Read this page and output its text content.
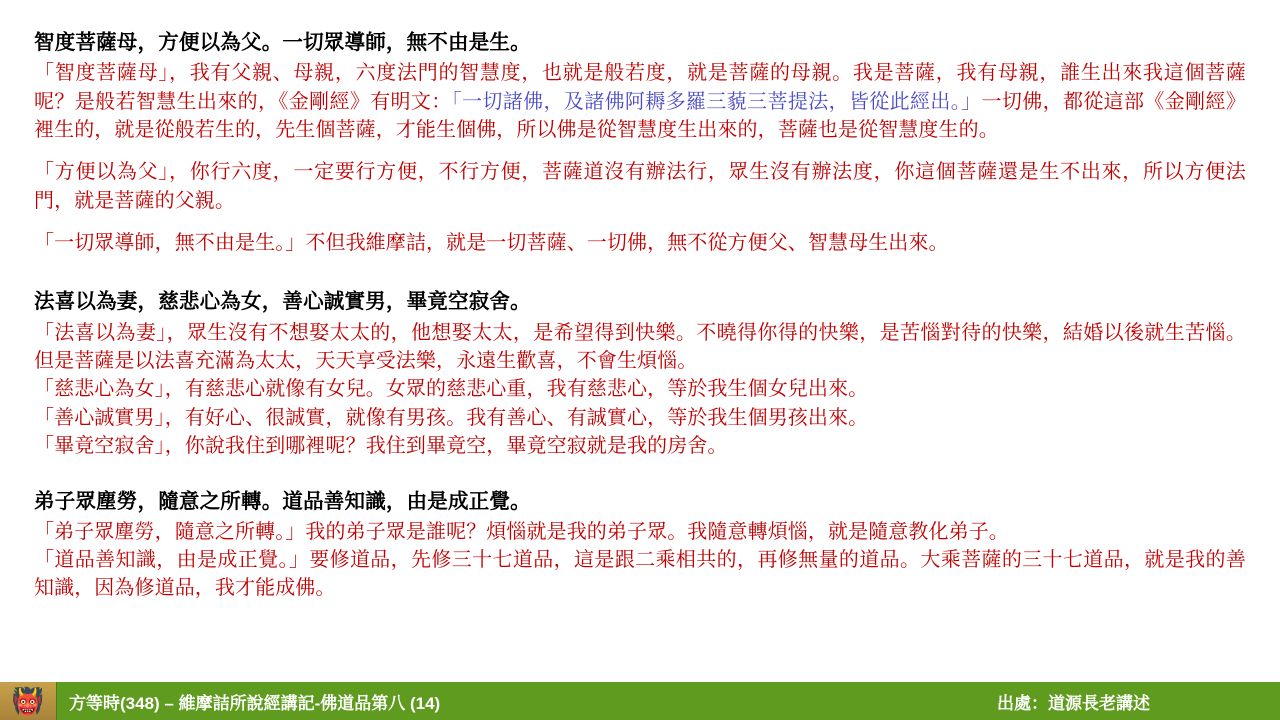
智度菩薩母，方便以為父。一切眾導師，無不由是生。

「智度菩薩母」，我有父親、母親，六度法門的智慧度，也就是般若度，就是菩薩的母親。我是菩薩，我有母親，誰生出來我這個菩薩呢？是般若智慧生出來的，《金剛經》有明文：「一切諸佛，及諸佛阿耨多羅三藐三菩提法，皆從此經出。」一切佛，都從這部《金剛經》裡生的，就是從般若生的，先生個菩薩，才能生個佛，所以佛是從智慧度生出來的，菩薩也是從智慧度生的。

「方便以為父」，你行六度，一定要行方便，不行方便，菩薩道沒有辦法行，眾生沒有辦法度，你這個菩薩還是生不出來，所以方便法門，就是菩薩的父親。

「一切眾導師，無不由是生。」不但我維摩詰，就是一切菩薩、一切佛，無不從方便父、智慧母生出來。

法喜以為妻，慈悲心為女，善心誠實男，畢竟空寂舍。

「法喜以為妻」，眾生沒有不想娶太太的，他想娶太太，是希望得到快樂。不曉得你得的快樂，是苦惱對待的快樂，結婚以後就生苦惱。但是菩薩是以法喜充滿為太太，天天享受法樂，永遠生歡喜，不會生煩惱。

「慈悲心為女」，有慈悲心就像有女兒。女眾的慈悲心重，我有慈悲心，等於我生個女兒出來。

「善心誠實男」，有好心、很誠實，就像有男孩。我有善心、有誠實心，等於我生個男孩出來。

「畢竟空寂舍」，你說我住到哪裡呢？我住到畢竟空，畢竟空寂就是我的房舍。

弟子眾塵勞，隨意之所轉。道品善知識，由是成正覺。

「弟子眾塵勞，隨意之所轉。」我的弟子眾是誰呢？煩惱就是我的弟子眾。我隨意轉煩惱，就是隨意教化弟子。

「道品善知識，由是成正覺。」要修道品，先修三十七道品，這是跟二乘相共的，再修無量的道品。大乘菩薩的三十七道品，就是我的善知識，因為修道品，我才能成佛。

👹 方等時(348) – 維摩詰所說經講記-佛道品第八 (14)	出處：道源長老講述
